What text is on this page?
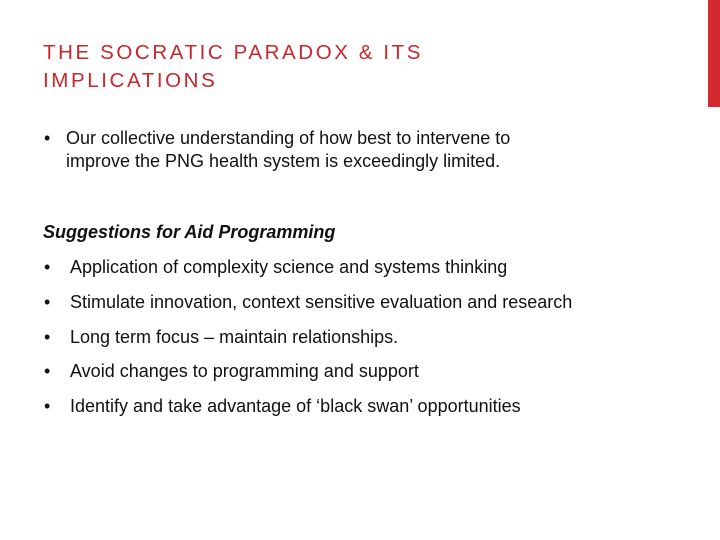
THE SOCRATIC PARADOX & ITS
IMPLICATIONS
• Our collective understanding of how best to intervene to
improve the PNG health system is exceedingly limited.
Suggestions for Aid Programming
• Application of complexity science and systems thinking
• Stimulate innovation, context sensitive evaluation and research
• Long term focus – maintain relationships.
• Avoid changes to programming and support
• Identify and take advantage of ‘black swan’ opportunities
